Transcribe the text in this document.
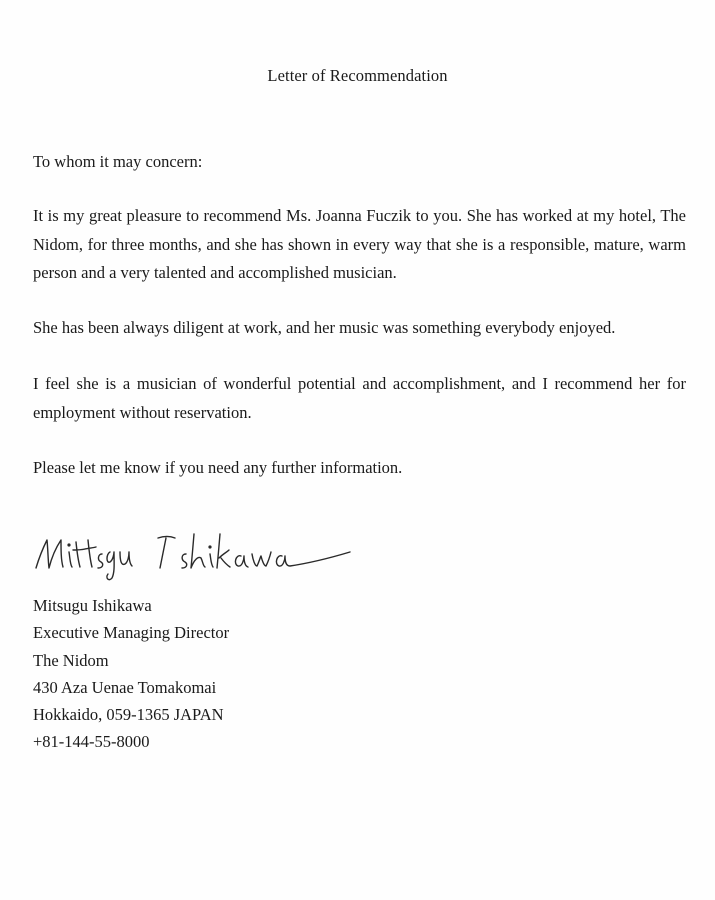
Letter of Recommendation
To whom it may concern:
It is my great pleasure to recommend Ms. Joanna Fuczik to you. She has worked at my hotel, The Nidom, for three months, and she has shown in every way that she is a responsible, mature, warm person and a very talented and accomplished musician.
She has been always diligent at work, and her music was something everybody enjoyed.
I feel she is a musician of wonderful potential and accomplishment, and I recommend her for employment without reservation.
Please let me know if you need any further information.
Mitsugu Ishikawa
Executive Managing Director
The Nidom
430 Aza Uenae Tomakomai
Hokkaido, 059-1365 JAPAN
+81-144-55-8000
